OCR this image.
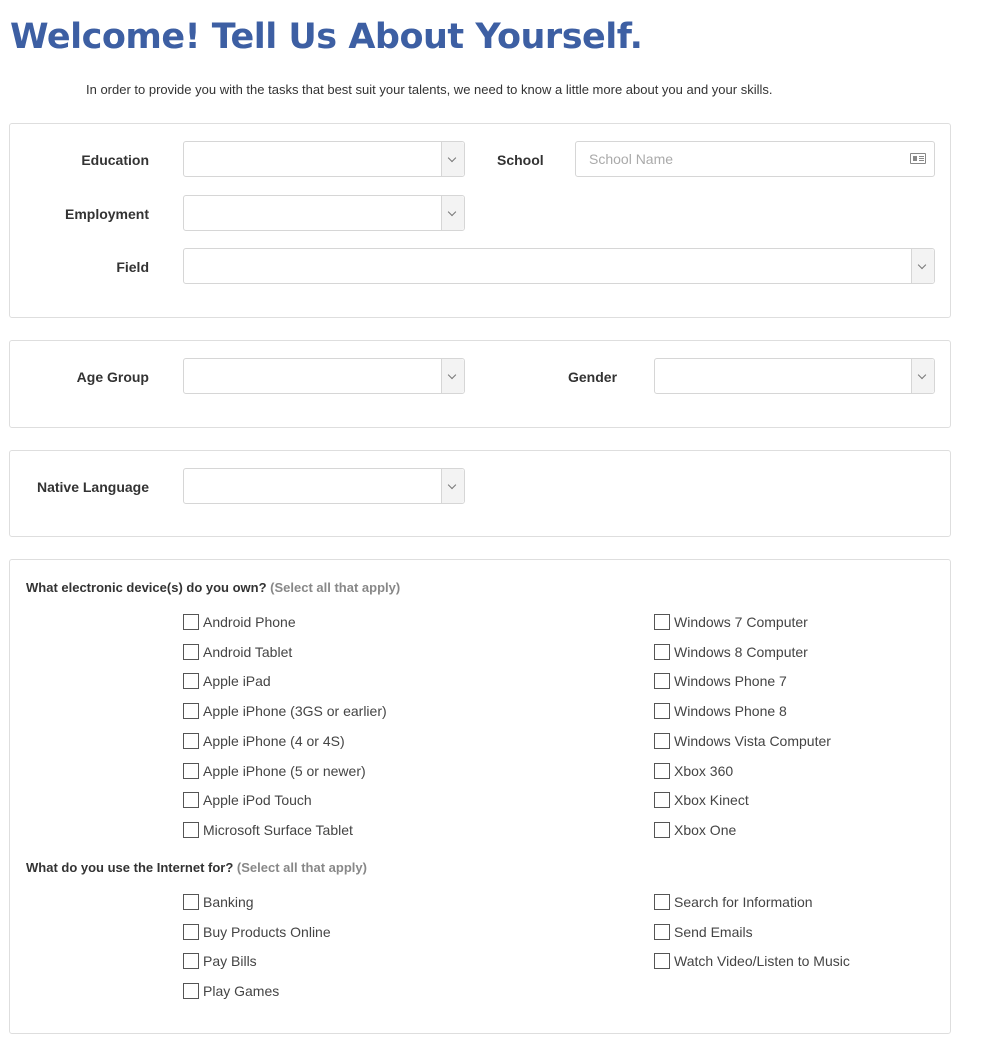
Welcome! Tell Us About Yourself.
In order to provide you with the tasks that best suit your talents, we need to know a little more about you and your skills.
Education	School
School Name
Employment
Field
Age Group	Gender
Native Language
What electronic device(s) do you own? (Select all that apply)
What do you use the Internet for? (Select all that apply)
Android Phone
Android Tablet
Apple iPad
Apple iPhone (3GS or earlier)
Apple iPhone (4 or 4S)
Apple iPhone (5 or newer)
Apple iPod Touch
Microsoft Surface Tablet
Windows 7 Computer
Windows 8 Computer
Windows Phone 7
Windows Phone 8
Windows Vista Computer
Xbox 360
Xbox Kinect
Xbox One
Banking
Buy Products Online
Pay Bills
Play Games
Search for Information
Send Emails
Watch Video/Listen to Music
